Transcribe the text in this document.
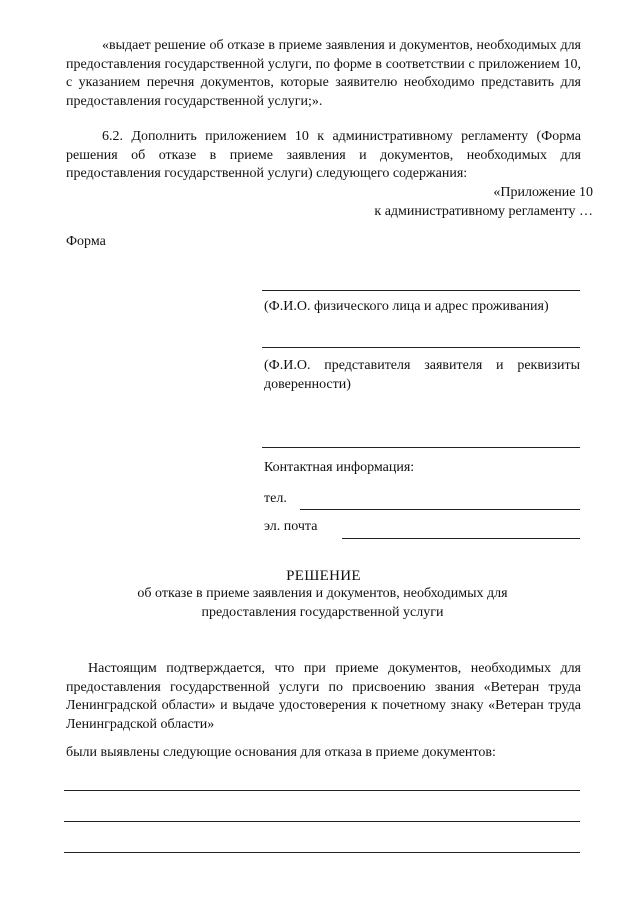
«выдает решение об отказе в приеме заявления и документов, необходимых для предоставления государственной услуги, по форме в соответствии с приложением 10, с указанием перечня документов, которые заявителю необходимо представить для предоставления государственной услуги;».

6.2. Дополнить приложением 10 к административному регламенту (Форма решения об отказе в приеме заявления и документов, необходимых для предоставления государственной услуги) следующего содержания:

«Приложение 10

к административному регламенту …

Форма

(Ф.И.О. физического лица и адрес проживания)

(Ф.И.О. представителя заявителя и реквизиты доверенности)

Контактная информация:

тел.

эл. почта

РЕШЕНИЕ

об отказе в приеме заявления и документов, необходимых для предоставления государственной услуги

Настоящим подтверждается, что при приеме документов, необходимых для предоставления государственной услуги по присвоению звания «Ветеран труда Ленинградской области» и выдаче удостоверения к почетному знаку «Ветеран труда Ленинградской области»

были выявлены следующие основания для отказа в приеме документов:
